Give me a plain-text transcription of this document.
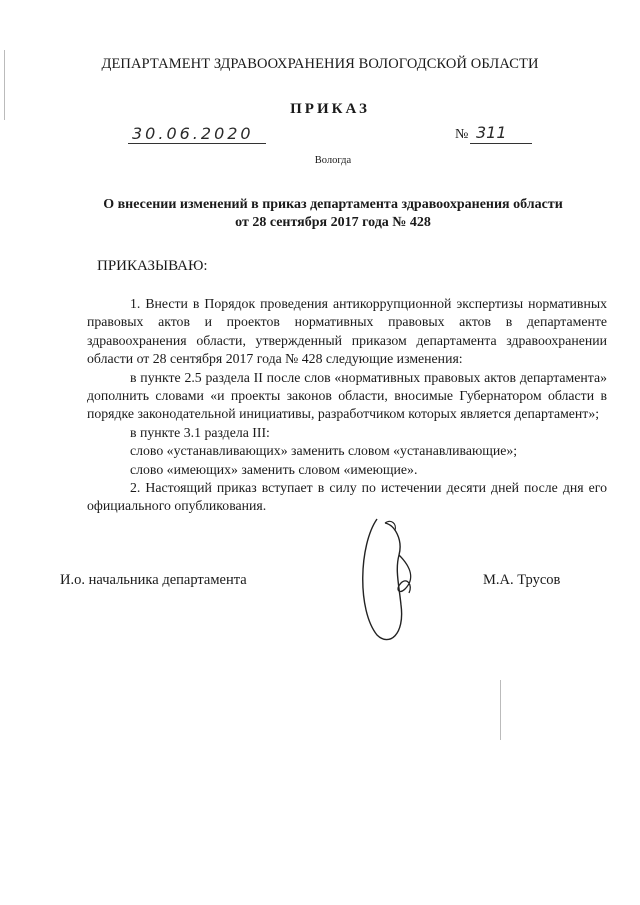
ДЕПАРТАМЕНТ ЗДРАВООХРАНЕНИЯ ВОЛОГОДСКОЙ ОБЛАСТИ
ПРИКАЗ
30.06.2020	№ 311
Вологда
О внесении изменений в приказ департамента здравоохранения области
от 28 сентября 2017 года № 428
ПРИКАЗЫВАЮ:

1. Внести в Порядок проведения антикоррупционной экспертизы нормативных правовых актов и проектов нормативных правовых актов в департаменте здравоохранения области, утвержденный приказом департамента здравоохранении области от 28 сентября 2017 года № 428 следующие изменения:

в пункте 2.5 раздела II после слов «нормативных правовых актов департамента» дополнить словами «и проекты законов области, вносимые Губернатором области в порядке законодательной инициативы, разработчиком которых является департамент»;

в пункте 3.1 раздела III:

слово «устанавливающих» заменить словом «устанавливающие»;

слово «имеющих» заменить словом «имеющие».

2. Настоящий приказ вступает в силу по истечении десяти дней после дня его официального опубликования.

И.о. начальника департамента	М.А. Трусов
